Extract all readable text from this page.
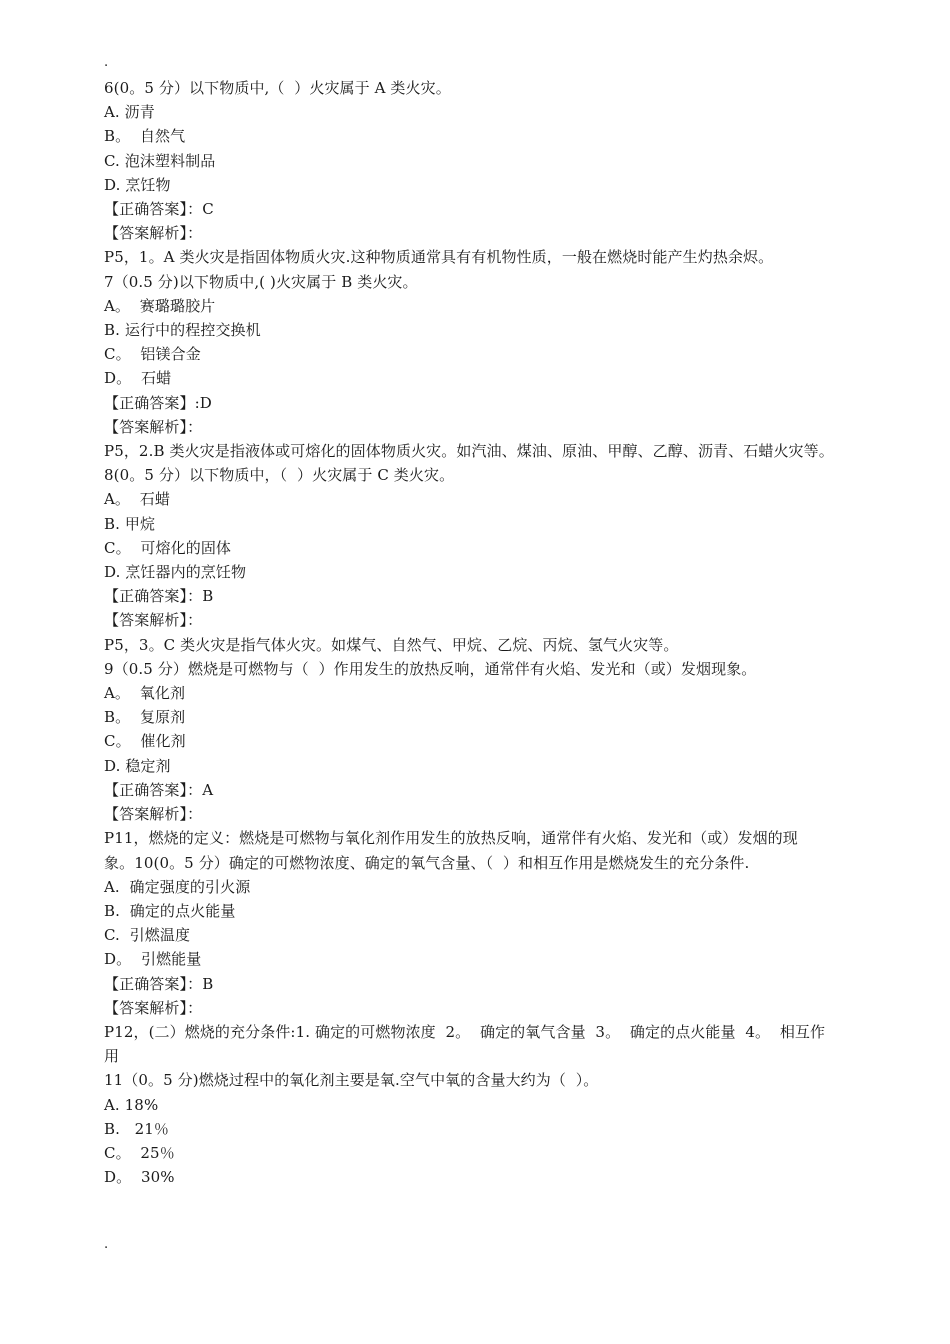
.
6(0。5 分）以下物质中,（  ）火灾属于 A 类火灾。
A. 沥青
B。  自然气
C. 泡沫塑料制品
D. 烹饪物
【正确答案】：C
【答案解析】：
P5，1。A 类火灾是指固体物质火灾.这种物质通常具有有机物性质，一般在燃烧时能产生灼热余烬。
7（0.5 分)以下物质中,( )火灾属于 B 类火灾。
A。  赛璐璐胶片
B. 运行中的程控交换机
C。  铝镁合金
D。  石蜡
【正确答案】:D
【答案解析】：
P5，2.B 类火灾是指液体或可熔化的固体物质火灾。如汽油、煤油、原油、甲醇、乙醇、沥青、石蜡火灾等。
8(0。5 分）以下物质中，（  ）火灾属于 C 类火灾。
A。  石蜡
B. 甲烷
C。  可熔化的固体
D. 烹饪器内的烹饪物
【正确答案】：B
【答案解析】：
P5，3。C 类火灾是指气体火灾。如煤气、自然气、甲烷、乙烷、丙烷、氢气火灾等。
9（0.5 分）燃烧是可燃物与（  ）作用发生的放热反响，通常伴有火焰、发光和（或）发烟现象。
A。  氧化剂
B。  复原剂
C。  催化剂
D. 稳定剂
【正确答案】：A
【答案解析】：
P11，燃烧的定义：燃烧是可燃物与氧化剂作用发生的放热反响，通常伴有火焰、发光和（或）发烟的现
象。10(0。5 分）确定的可燃物浓度、确定的氧气含量、（  ）和相互作用是燃烧发生的充分条件.
A.  确定强度的引火源
B.  确定的点火能量
C.  引燃温度
D。  引燃能量
【正确答案】：B
【答案解析】：
P12，(二）燃烧的充分条件:1. 确定的可燃物浓度  2。  确定的氧气含量  3。  确定的点火能量  4。  相互作
用
11（0。5 分)燃烧过程中的氧化剂主要是氧.空气中氧的含量大约为（  ）。
A. 18%
B.   21％
C。  25％
D。  30%
.
